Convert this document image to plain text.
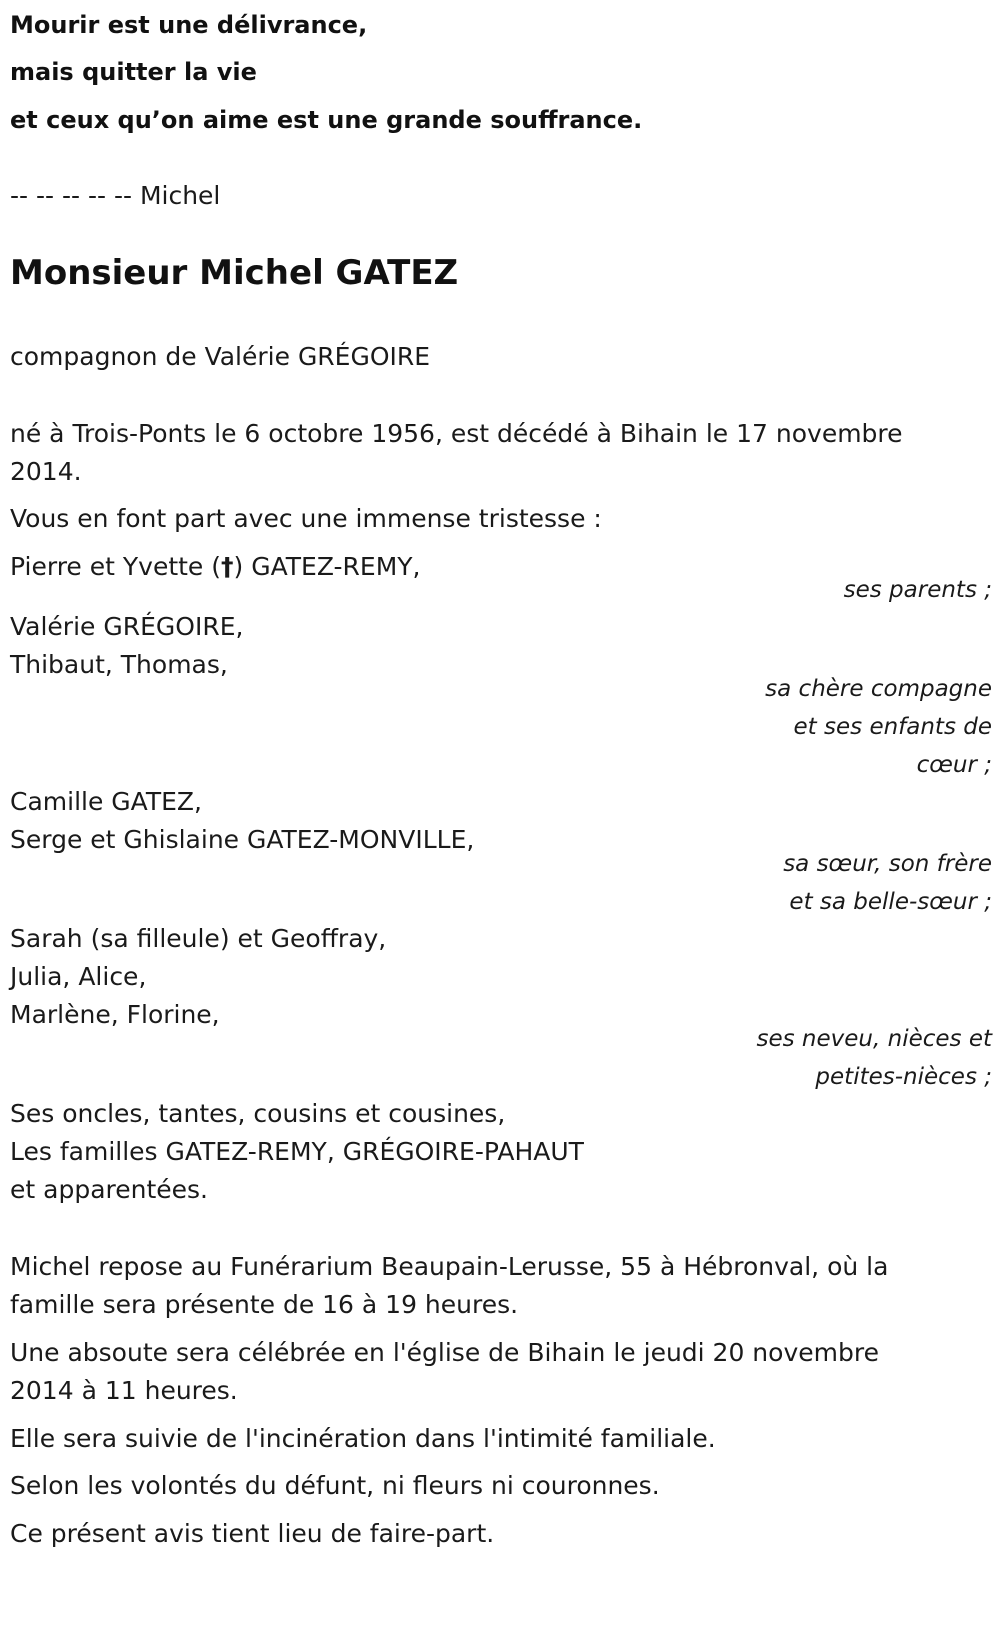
Mourir est une délivrance,
mais quitter la vie
et ceux qu’on aime est une grande souffrance.
-- -- -- -- -- Michel
Monsieur Michel GATEZ
compagnon de Valérie GRÉGOIRE
né à Trois-Ponts le 6 octobre 1956, est décédé à Bihain le 17 novembre
2014.
Vous en font part avec une immense tristesse :
Pierre et Yvette (†) GATEZ-REMY,
ses parents ;
Valérie GRÉGOIRE,
Thibaut, Thomas,
sa chère compagne
et ses enfants de
cœur ;
Camille GATEZ,
Serge et Ghislaine GATEZ-MONVILLE,
sa sœur, son frère
et sa belle-sœur ;
Sarah (sa filleule) et Geoffray,
Julia, Alice,
Marlène, Florine,
ses neveu, nièces et
petites-nièces ;
Ses oncles, tantes, cousins et cousines,
Les familles GATEZ-REMY, GRÉGOIRE-PAHAUT
et apparentées.
Michel repose au Funérarium Beaupain-Lerusse, 55 à Hébronval, où la
famille sera présente de 16 à 19 heures.
Une absoute sera célébrée en l'église de Bihain le jeudi 20 novembre
2014 à 11 heures.
Elle sera suivie de l'incinération dans l'intimité familiale.
Selon les volontés du défunt, ni fleurs ni couronnes.
Ce présent avis tient lieu de faire-part.
